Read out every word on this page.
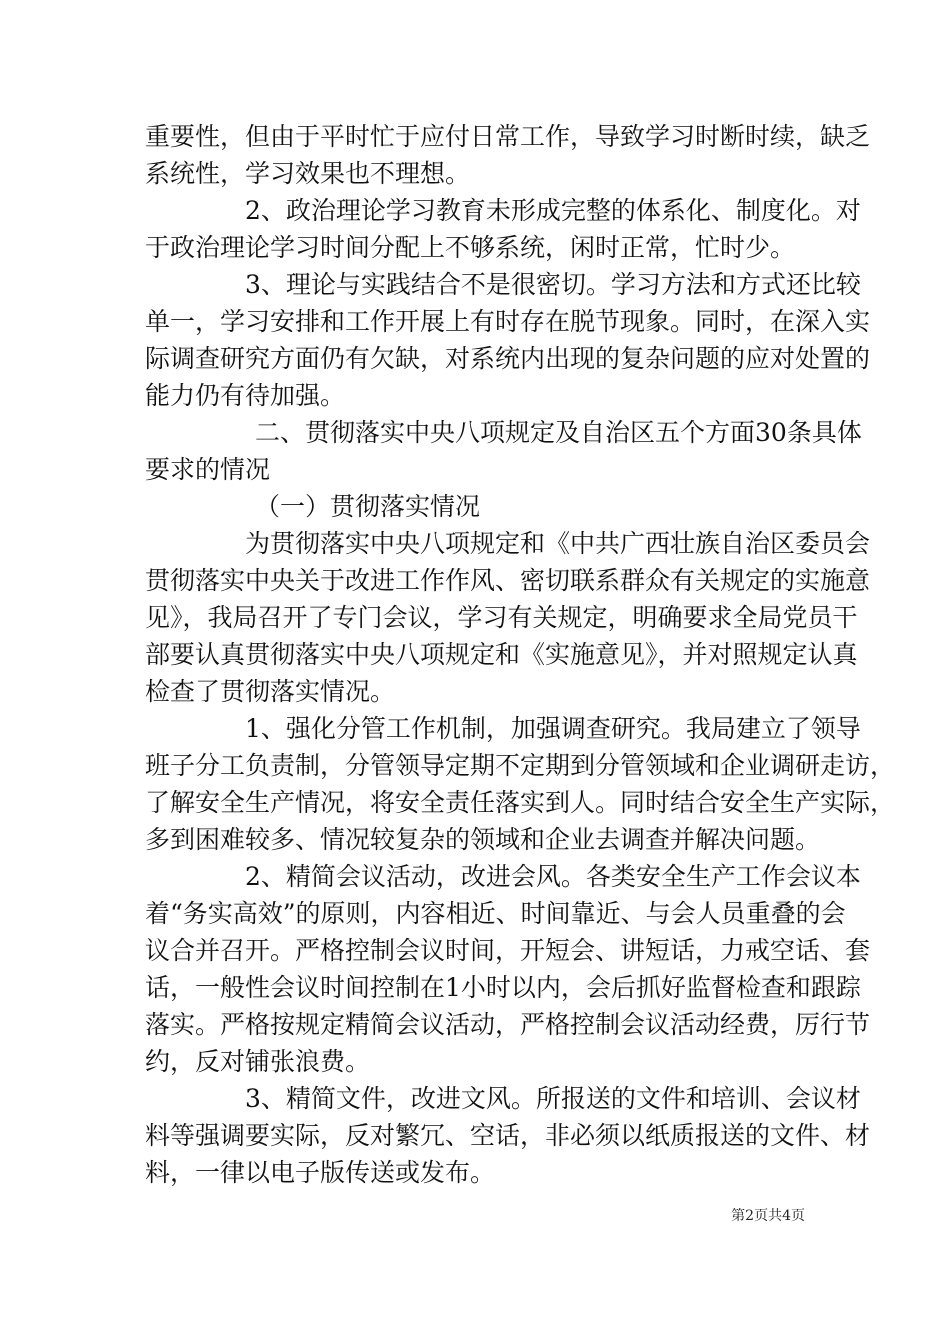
重要性，但由于平时忙于应付日常工作，导致学习时断时续，缺乏
系统性，学习效果也不理想。
2、政治理论学习教育未形成完整的体系化、制度化。对
于政治理论学习时间分配上不够系统，闲时正常，忙时少。
3、理论与实践结合不是很密切。学习方法和方式还比较
单一，学习安排和工作开展上有时存在脱节现象。同时，在深入实
际调查研究方面仍有欠缺，对系统内出现的复杂问题的应对处置的
能力仍有待加强。
二、贯彻落实中央八项规定及自治区五个方面30条具体
要求的情况
（一）贯彻落实情况
为贯彻落实中央八项规定和《中共广西壮族自治区委员会
贯彻落实中央关于改进工作作风、密切联系群众有关规定的实施意
见》，我局召开了专门会议，学习有关规定，明确要求全局党员干
部要认真贯彻落实中央八项规定和《实施意见》，并对照规定认真
检查了贯彻落实情况。
1、强化分管工作机制，加强调查研究。我局建立了领导
班子分工负责制，分管领导定期不定期到分管领域和企业调研走访，
了解安全生产情况，将安全责任落实到人。同时结合安全生产实际，
多到困难较多、情况较复杂的领域和企业去调查并解决问题。
2、精简会议活动，改进会风。各类安全生产工作会议本
着“务实高效”的原则，内容相近、时间靠近、与会人员重叠的会
议合并召开。严格控制会议时间，开短会、讲短话，力戒空话、套
话，一般性会议时间控制在1小时以内，会后抓好监督检查和跟踪
落实。严格按规定精简会议活动，严格控制会议活动经费，厉行节
约，反对铺张浪费。
3、精简文件，改进文风。所报送的文件和培训、会议材
料等强调要实际，反对繁冗、空话，非必须以纸质报送的文件、材
料，一律以电子版传送或发布。
第2页共4页
